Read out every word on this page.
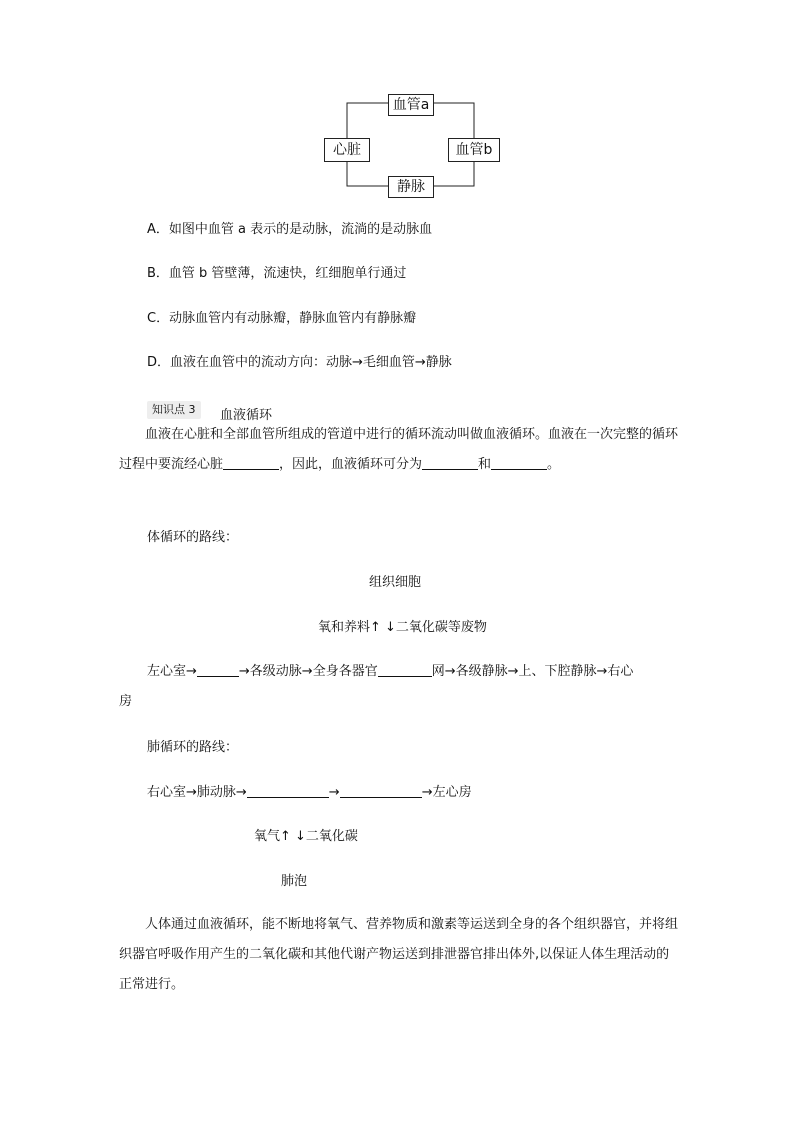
血管a
心脏	血管b
静脉
A．如图中血管 a 表示的是动脉，流淌的是动脉血
B．血管 b 管壁薄，流速快，红细胞单行通过
C．动脉血管内有动脉瓣，静脉血管内有静脉瓣
D．血液在血管中的流动方向：动脉→毛细血管→静脉
知识点 3	血液循环
血液在心脏和全部血管所组成的管道中进行的循环流动叫做血液循环。血液在一次完整的循环过程中要流经心脏	，因此，血液循环可分为	和	。
体循环的路线：
组织细胞
氧和养料↑ ↓二氧化碳等废物
左心室→	→各级动脉→全身各器官	网→各级静脉→上、下腔静脉→右心
房
肺循环的路线：
右心室→肺动脉→	→	→左心房
氧气↑ ↓二氧化碳
肺泡
人体通过血液循环，能不断地将氧气、营养物质和激素等运送到全身的各个组织器官，并将组织器官呼吸作用产生的二氧化碳和其他代谢产物运送到排泄器官排出体外,以保证人体生理活动的正常进行。
